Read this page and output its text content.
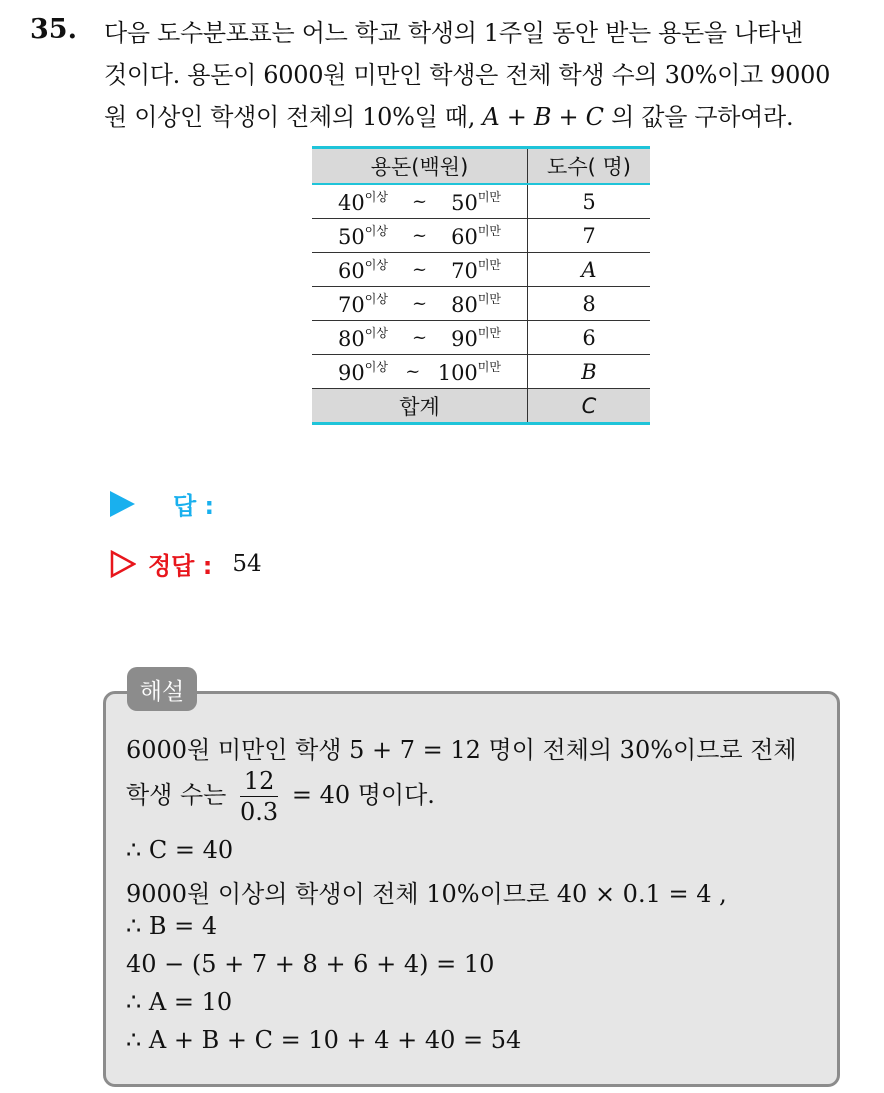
35. 다음 도수분포표는 어느 학교 학생의 1주일 동안 받는 용돈을 나타낸
것이다. 용돈이 6000원 미만인 학생은 전체 학생 수의 30%이고 9000
원 이상인 학생이 전체의 10%일 때, A + B + C 의 값을 구하여라.
용돈(백원)	도수( 명)

$40^{이상}$ ~ $50^{미만}$	5

$50^{이상}$ ~ $60^{미만}$	7

$60^{이상}$ ~ $70^{미만}$	A

$70^{이상}$ ~ $80^{미만}$	8

$80^{이상}$ ~ $90^{미만}$	6

$90^{이상}$ ~ $100^{미만}$	B
합계	C
답 :
정답 : 54
해설
6000원 미만인 학생 5 + 7 = 12 명이 전체의 30%이므로 전체
학생 수는 $\frac{12}{0.3} = 40$ 명이다.
∴ C = 40
9000원 이상의 학생이 전체 10%이므로 40 × 0.1 = 4 ,
∴ B = 4
40 − (5 + 7 + 8 + 6 + 4) = 10
∴ A = 10
∴ A + B + C = 10 + 4 + 40 = 54
